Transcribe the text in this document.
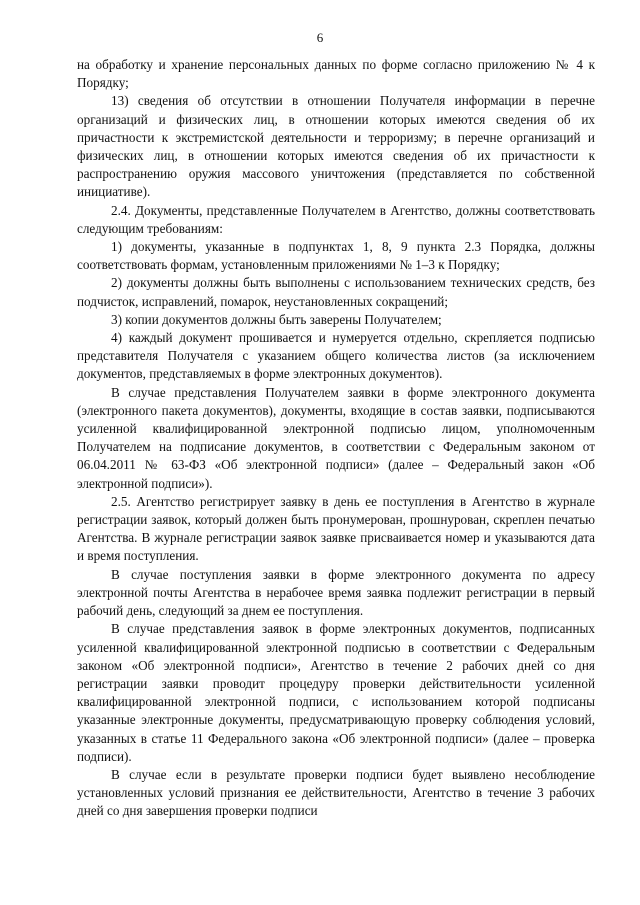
6

на обработку и хранение персональных данных по форме согласно приложению № 4 к Порядку;

13) сведения об отсутствии в отношении Получателя информации в перечне организаций и физических лиц, в отношении которых имеются сведения об их причастности к экстремистской деятельности и терроризму; в перечне организаций и физических лиц, в отношении которых имеются сведения об их причастности к распространению оружия массового уничтожения (представляется по собственной инициативе).

2.4. Документы, представленные Получателем в Агентство, должны соответствовать следующим требованиям:

1) документы, указанные в подпунктах 1, 8, 9 пункта 2.3 Порядка, должны соответствовать формам, установленным приложениями № 1–3 к Порядку;

2) документы должны быть выполнены с использованием технических средств, без подчисток, исправлений, помарок, неустановленных сокращений;

3) копии документов должны быть заверены Получателем;

4) каждый документ прошивается и нумеруется отдельно, скрепляется подписью представителя Получателя с указанием общего количества листов (за исключением документов, представляемых в форме электронных документов).

В случае представления Получателем заявки в форме электронного документа (электронного пакета документов), документы, входящие в состав заявки, подписываются усиленной квалифицированной электронной подписью лицом, уполномоченным Получателем на подписание документов, в соответствии с Федеральным законом от 06.04.2011 № 63-ФЗ «Об электронной подписи» (далее – Федеральный закон «Об электронной подписи»).

2.5. Агентство регистрирует заявку в день ее поступления в Агентство в журнале регистрации заявок, который должен быть пронумерован, прошнурован, скреплен печатью Агентства. В журнале регистрации заявок заявке присваивается номер и указываются дата и время поступления.

В случае поступления заявки в форме электронного документа по адресу электронной почты Агентства в нерабочее время заявка подлежит регистрации в первый рабочий день, следующий за днем ее поступления.

В случае представления заявок в форме электронных документов, подписанных усиленной квалифицированной электронной подписью в соответствии с Федеральным законом «Об электронной подписи», Агентство в течение 2 рабочих дней со дня регистрации заявки проводит процедуру проверки действительности усиленной квалифицированной электронной подписи, с использованием которой подписаны указанные электронные документы, предусматривающую проверку соблюдения условий, указанных в статье 11 Федерального закона «Об электронной подписи» (далее – проверка подписи).

В случае если в результате проверки подписи будет выявлено несоблюдение установленных условий признания ее действительности, Агентство в течение 3 рабочих дней со дня завершения проверки подписи
